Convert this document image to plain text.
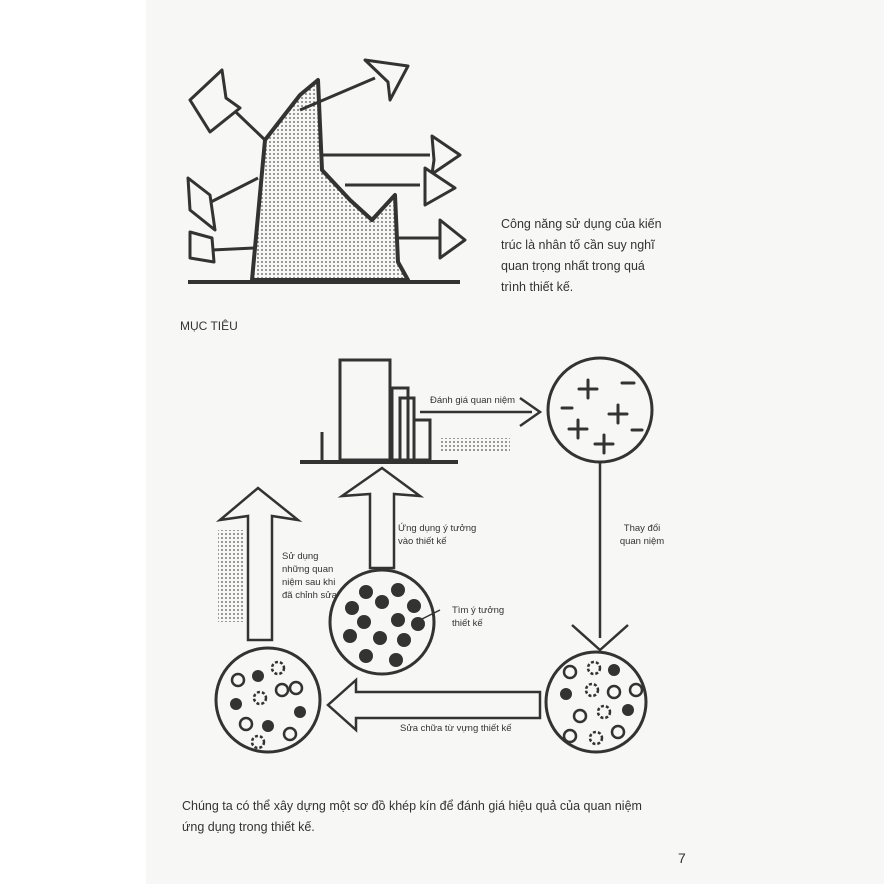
Công năng sử dụng của kiến
trúc là nhân tố cần suy nghĩ
quan trọng nhất trong quá
trình thiết kế.
MỤC TIÊU
Đánh giá quan niệm
Thay đổi
quan niệm
Ứng dụng ý tưởng
vào thiết kế
Sử dụng
những quan
niệm sau khi
đã chỉnh sửa
Tìm ý tưởng
thiết kế
Sửa chữa từ vựng thiết kế
Chúng ta có thể xây dựng một sơ đồ khép kín để đánh giá hiệu quả của quan niệm
ứng dụng trong thiết kế.
7
